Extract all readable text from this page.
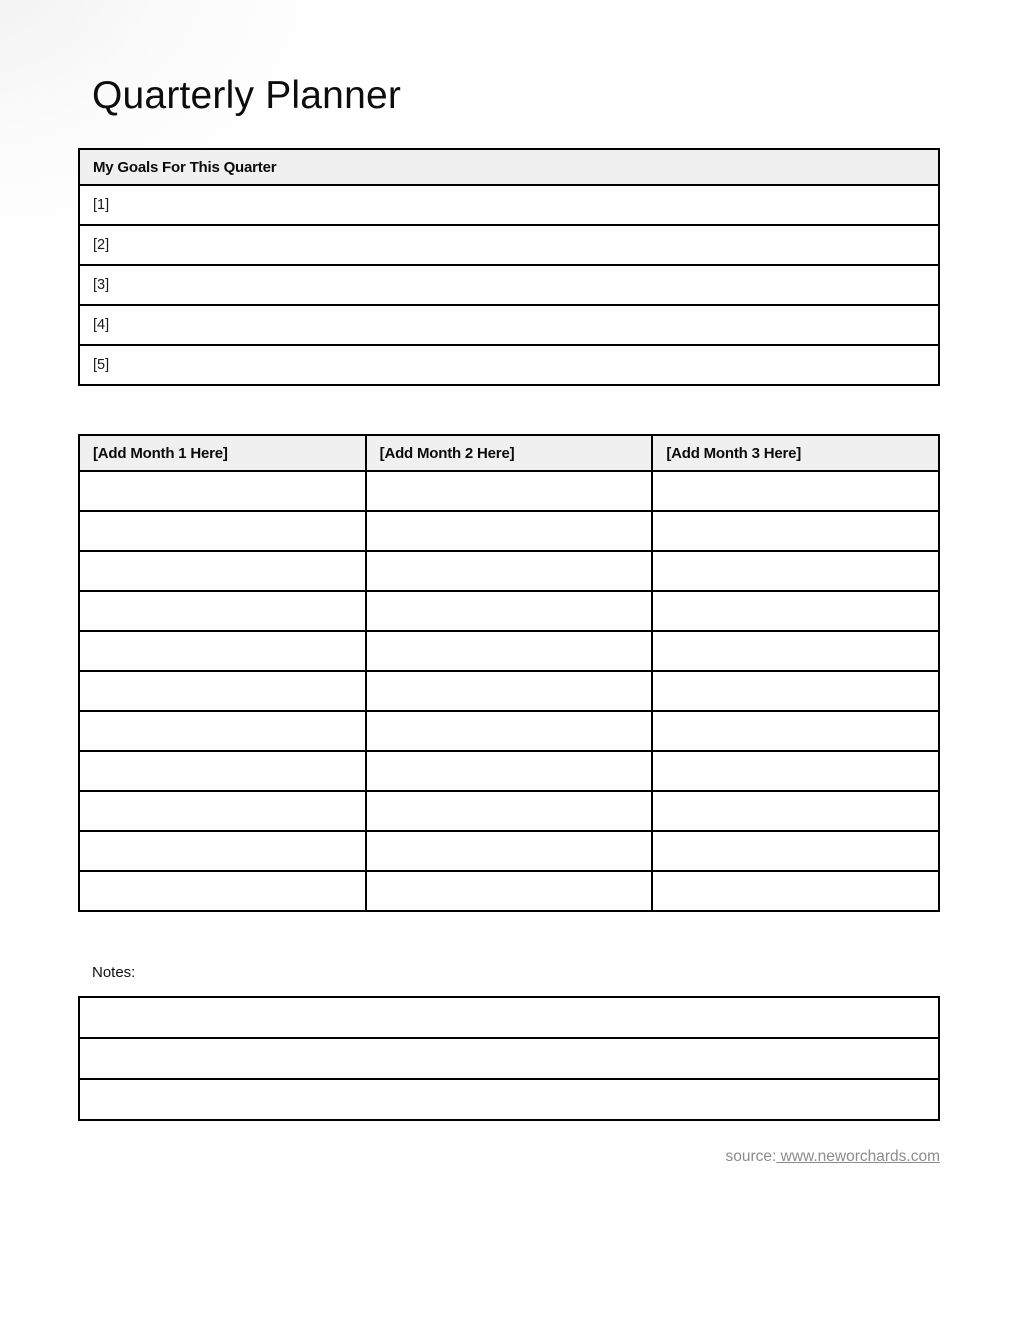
Quarterly Planner
My Goals For This Quarter
[1]
[2]
[3]
[4]
[5]
[Add Month 1 Here]	[Add Month 2 Here]	[Add Month 3 Here]

Notes:

source: www.neworchards.com
